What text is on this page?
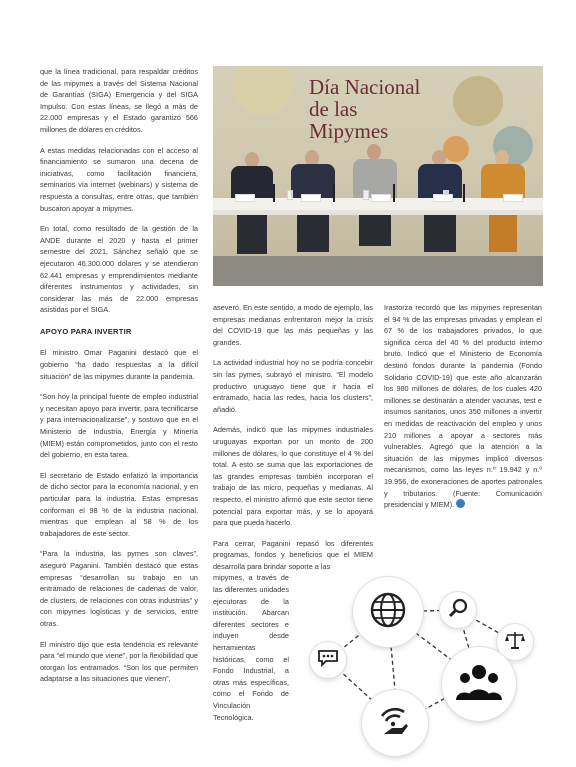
que la línea tradicional, para respaldar créditos de las mipymes a través del Sistema Nacional de Garantías (SIGA) Emergencia y del SIGA Impulso. Con estas líneas, se llegó a más de 22.000 empresas y el Estado garantizó 566 millones de dólares en créditos.

A estas medidas relacionadas con el acceso al financiamiento se sumaron una decena de iniciativas, como facilitación financiera, seminarios vía internet (webinars) y sistema de respuesta a consultas, entre otras, que también buscaron apoyar a mipymes.

En total, como resultado de la gestión de la ANDE durante el 2020 y hasta el primer semestre del 2021, Sánchez señaló que se ejecutaron 46.300.000 dólares y se atendieron 62.441 empresas y emprendimientos mediante diferentes instrumentos y actividades, sin considerar las más de 22.000 empresas asistidas por el SIGA.

APOYO PARA INVERTIR

El ministro Omar Paganini destacó que el gobierno “ha dado respuestas a la difícil situación” de las mipymes durante la pandemia.

“Son hoy la principal fuente de empleo industrial y necesitan apoyo para invertir, para tecnificarse y para internacionalizarse”, y sostuvo que en el Ministerio de Industria, Energía y Minería (MIEM) están comprometidos, junto con el resto del gobierno, en esta tarea.

El secretario de Estado enfatizó la importancia de dicho sector para la economía nacional, y en particular para la industria. Estas empresas conforman el 98 % de la industria nacional, mientras que emplean al 58 % de los trabajadores de este sector.

“Para la industria, las pymes son claves”, aseguró Paganini. También destacó que estas empresas “desarrollan su trabajo en un entramado de relaciones de cadenas de valor, de clusters, de relaciones con otras industrias” y con mipymes logísticas y de servicios, entre otras.

El ministro dijo que esta tendencia es relevante para “el mundo que viene”, por la flexibilidad que otorgan los entramados. “Son los que permiten adaptarse a las situaciones que vienen”,

Día Nacional
de las
Mipymes

aseveró. En este sentido, a modo de ejemplo, las empresas medianas enfrentaron mejor la crisis del COVID-19 que las más pequeñas y las grandes.

La actividad industrial hoy no se podría concebir sin las pymes, subrayó el ministro. “El modelo productivo uruguayo tiene que ir hacia el entramado, hacia las redes, hacia los clusters”, añadió.

Además, indicó que las mipymes industriales uruguayas exportan por un monto de 200 millones de dólares, lo que constituye el 4 % del total. A esto se suma que las exportaciones de las grandes empresas también incorporan el trabajo de las micro, pequeñas y medianas. Al respecto, el ministro afirmó que este sector tiene potencial para exportar más, y se lo apoyará para que pueda hacerlo.

Para cerrar, Paganini repasó los diferentes programas, fondos y beneficios que el MIEM desarrolla para brindar soporte a las

mipymes, a través de las diferentes unidades ejecutoras de la institución. Abarcan diferentes sectores e induyen desde herramientas históricas, como el Fondo Industrial, a otras más específicas, como el Fondo de Vinculación Tecnológica.

Irastorza recordó que las mipymes representan el 94 % de las empresas privadas y emplean el 67 % de los trabajadores privados, lo que significa cerca del 40 % del producto interno bruto. Indicó que el Ministerio de Economía destinó fondos durante la pandemia (Fondo Solidario COVID-19) que este año alcanzarán los 980 millones de dólares, de los cuales 420 millones se destinarán a atender vacunas, test e insumos sanitarios, unos 350 millones a invertir en medidas de reactivación del empleo y unos 210 millones a apoyar a sectores más vulnerables. Agregó que la atención a la situación de las mipymes implicó diversos mecanismos, como las leyes n.º 19.942 y n.º 19.956, de exoneraciones de aportes patronales y tributarios. (Fuente: Comunicación presidencial y MIEM).
